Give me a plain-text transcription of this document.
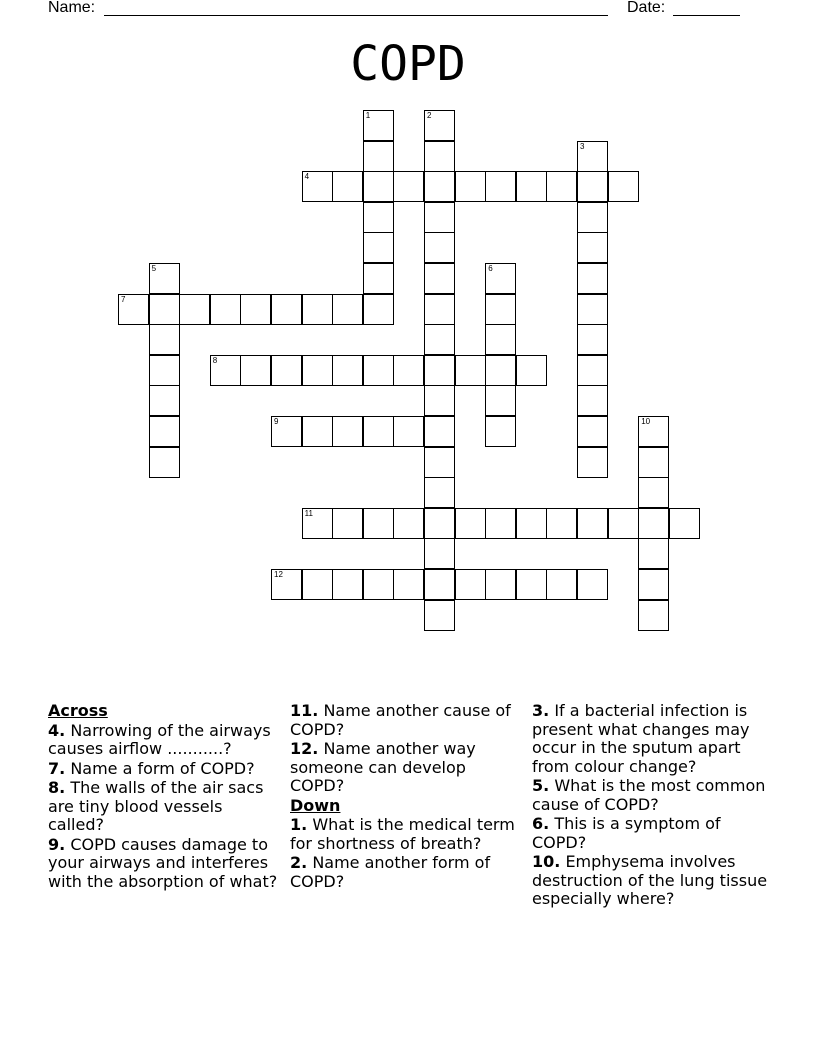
Name:	Date:
COPD
1	2
3
4
5	6
7
8
9	10
11
12
Across
4. Narrowing of the airways causes airflow ...........?
7. Name a form of COPD?
8. The walls of the air sacs are tiny blood vessels called?
9. COPD causes damage to your airways and interferes with the absorption of what?
11. Name another cause of COPD?
12. Name another way someone can develop COPD?
Down
1. What is the medical term for shortness of breath?
2. Name another form of COPD?
3. If a bacterial infection is present what changes may occur in the sputum apart from colour change?
5. What is the most common cause of COPD?
6. This is a symptom of COPD?
10. Emphysema involves destruction of the lung tissue especially where?
